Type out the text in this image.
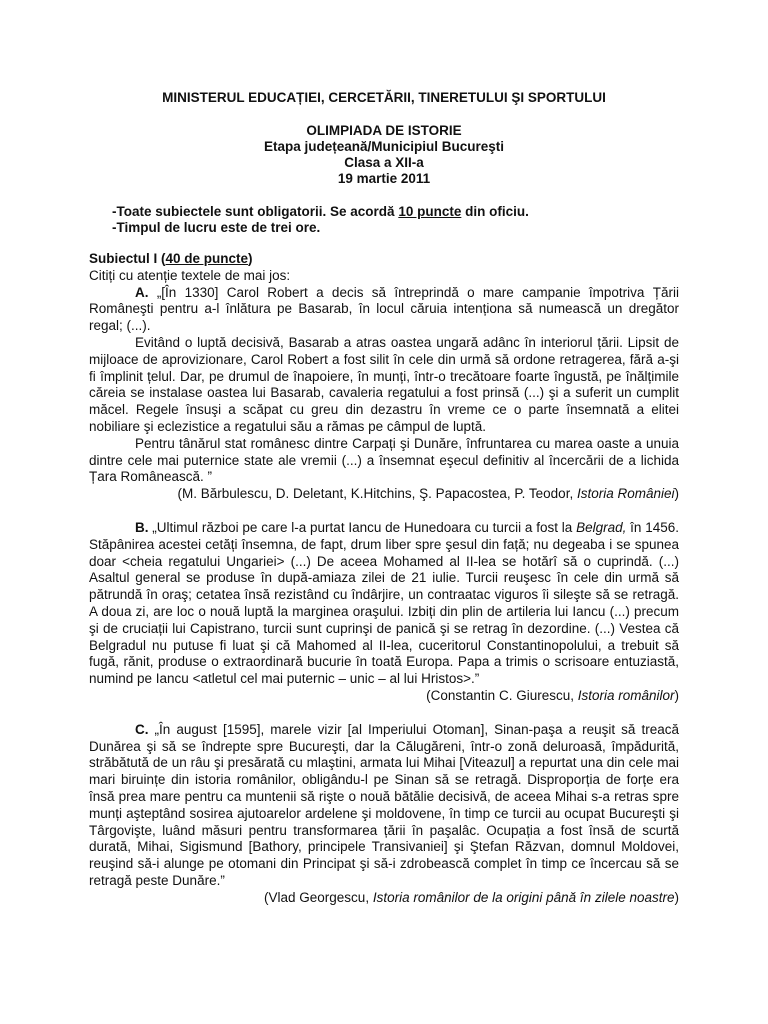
MINISTERUL EDUCAȚIEI, CERCETĂRII, TINERETULUI ŞI SPORTULUI
OLIMPIADA DE ISTORIE
Etapa județeană/Municipiul Bucureşti
Clasa a XII-a
19 martie 2011
-Toate subiectele sunt obligatorii. Se acordă 10 puncte din oficiu.
-Timpul de lucru este de trei ore.

Subiectul I (40 de puncte)

Citiți cu atenție textele de mai jos:

A. „[În 1330] Carol Robert a decis să întreprindă o mare campanie împotriva Țării Româneşti pentru a-l înlătura pe Basarab, în locul căruia intenționa să numească un dregător regal; (...).

Evitând o luptă decisivă, Basarab a atras oastea ungară adânc în interiorul țării. Lipsit de mijloace de aprovizionare, Carol Robert a fost silit în cele din urmă să ordone retragerea, fără a-şi fi împlinit țelul. Dar, pe drumul de înapoiere, în munți, într-o trecătoare foarte îngustă, pe înălțimile căreia se instalase oastea lui Basarab, cavaleria regatului a fost prinsă (...) şi a suferit un cumplit măcel. Regele însuşi a scăpat cu greu din dezastru în vreme ce o parte însemnată a elitei nobiliare şi eclezistice a regatului său a rămas pe câmpul de luptă.

Pentru tânărul stat românesc dintre Carpați şi Dunăre, înfruntarea cu marea oaste a unuia dintre cele mai puternice state ale vremii (...) a însemnat eşecul definitiv al încercării de a lichida Țara Românească. ”

(M. Bărbulescu, D. Deletant, K.Hitchins, Ş. Papacostea, P. Teodor, Istoria României)

B. „Ultimul război pe care l-a purtat Iancu de Hunedoara cu turcii a fost la Belgrad, în 1456. Stăpânirea acestei cetăți însemna, de fapt, drum liber spre şesul din față; nu degeaba i se spunea doar <cheia regatului Ungariei> (...) De aceea Mohamed al II-lea se hotărî să o cuprindă. (...) Asaltul general se produse în după-amiaza zilei de 21 iulie. Turcii reuşesc în cele din urmă să pătrundă în oraş; cetatea însă rezistând cu îndârjire, un contraatac viguros îi sileşte să se retragă. A doua zi, are loc o nouă luptă la marginea oraşului. Izbiți din plin de artileria lui Iancu (...) precum şi de cruciații lui Capistrano, turcii sunt cuprinşi de panică şi se retrag în dezordine. (...) Vestea că Belgradul nu putuse fi luat şi că Mahomed al II-lea, cuceritorul Constantinopolului, a trebuit să fugă, rănit, produse o extraordinară bucurie în toată Europa. Papa a trimis o scrisoare entuziastă, numind pe Iancu <atletul cel mai puternic – unic – al lui Hristos>.”

(Constantin C. Giurescu, Istoria românilor)

C. „În august [1595], marele vizir [al Imperiului Otoman], Sinan-paşa a reuşit să treacă Dunărea şi să se îndrepte spre Bucureşti, dar la Călugăreni, într-o zonă deluroasă, împădurită, străbătută de un râu şi presărată cu mlaştini, armata lui Mihai [Viteazul] a repurtat una din cele mai mari biruințe din istoria românilor, obligându-l pe Sinan să se retragă. Disproporția de forțe era însă prea mare pentru ca muntenii să rişte o nouă bătălie decisivă, de aceea Mihai s-a retras spre munți aşteptând sosirea ajutoarelor ardelene şi moldovene, în timp ce turcii au ocupat Bucureşti şi Târgovişte, luând măsuri pentru transformarea țării în paşalâc. Ocupația a fost însă de scurtă durată, Mihai, Sigismund [Bathory, principele Transivaniei] şi Ştefan Răzvan, domnul Moldovei, reuşind să-i alunge pe otomani din Principat şi să-i zdrobească complet în timp ce încercau să se retragă peste Dunăre.”

(Vlad Georgescu, Istoria românilor de la origini până în zilele noastre)
